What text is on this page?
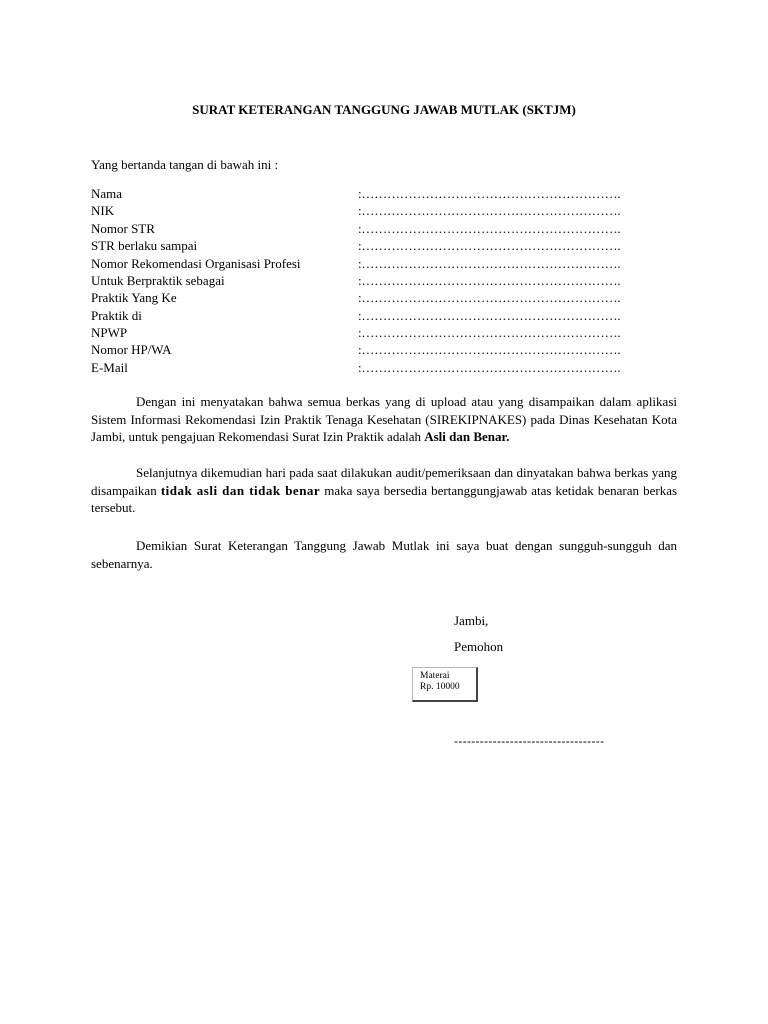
SURAT KETERANGAN TANGGUNG JAWAB MUTLAK (SKTJM)
Yang bertanda tangan di bawah ini :
Nama	:…………………………………………………….
NIK	:…………………………………………………….
Nomor STR	:…………………………………………………….
STR berlaku sampai	:…………………………………………………….
Nomor Rekomendasi Organisasi Profesi	:…………………………………………………….
Untuk Berpraktik sebagai	:…………………………………………………….
Praktik Yang Ke	:…………………………………………………….
Praktik di	:…………………………………………………….
NPWP	:…………………………………………………….
Nomor HP/WA	:…………………………………………………….
E-Mail	:…………………………………………………….
Dengan ini menyatakan bahwa semua berkas yang di upload atau yang disampaikan dalam aplikasi Sistem Informasi Rekomendasi Izin Praktik Tenaga Kesehatan (SIREKIPNAKES) pada Dinas Kesehatan Kota Jambi, untuk pengajuan Rekomendasi Surat Izin Praktik adalah Asli dan Benar.
Selanjutnya dikemudian hari pada saat dilakukan audit/pemeriksaan dan dinyatakan bahwa berkas yang disampaikan tidak asli dan tidak benar maka saya bersedia bertanggungjawab atas ketidak benaran berkas tersebut.
Demikian Surat Keterangan Tanggung Jawab Mutlak ini saya buat dengan sungguh-sungguh dan sebenarnya.
Jambi,
Pemohon
Materai
Rp. 10000
-----------------------------------
